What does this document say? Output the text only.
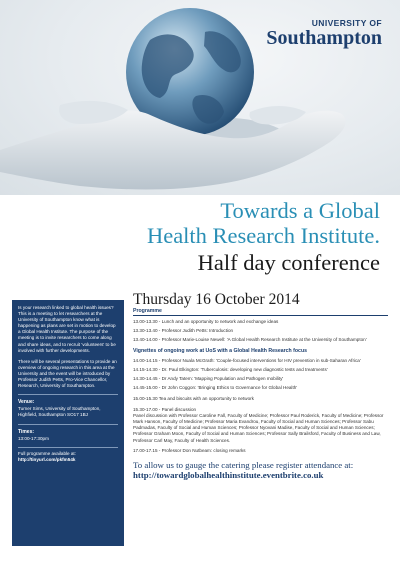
UNIVERSITY OF
Southampton
Towards a Global
Health Research Institute.
Half day conference

Is your research linked to global health issues? This is a meeting to let researchers at the University of Southampton know what is happening as plans are set in motion to develop a Global Health Institute. The purpose of the meeting is to invite researchers to come along and share ideas, and to recruit 'volunteers' to be involved with further developments.

There will be several presentations to provide an overview of ongoing research in this area at the University and the event will be introduced by Professor Judith Petts, Pro-Vice Chancellor, Research, University of Southampton.

Venue:

Turner Sims, University of Southampton, Highfield, Southampton SO17 1BJ

Times:

13:00-17:30pm

Full programme available at:

http://tinyurl.com/pkfm54k

Thursday 16 October 2014
Programme
13.00-13.30 - Lunch and an opportunity to network and exchange ideas
13.30-13.40 - Professor Judith Petts: Introduction
13.40-14.00 - Professor Marie-Louise Newell: 'A Global Health Research Institute at the University of Southampton'
Vignettes of ongoing work at UoS with a Global Health Research focus
14.00-14.15 - Professor Nuala McGrath: 'Couple-focused interventions for HIV prevention in sub-Saharan Africa'
14.15-14.30 - Dr. Paul Elkington: 'Tuberculosis: developing new diagnostic tests and treatments'
14.30-14.45 - Dr Andy Tatem: 'Mapping Population and Pathogen mobility'
14.45-15.00 - Dr John Coggon: 'Bringing Ethics to Governance for Global Health'
15.00-15.30 Tea and biscuits with an opportunity to network
15.30-17.00 - Panel discussion
Panel discussion with Professor Caroline Fall, Faculty of Medicine; Professor Paul Roderick, Faculty of Medicine; Professor Mark Hanson, Faculty of Medicine; Professor Maria Evandrou, Faculty of Social and Human Sciences; Professor Sabu Padmadas, Faculty of Social and Human Sciences; Professor Nyovani Madise, Faculty of Social and Human Sciences; Professor Graham Moon, Faculty of Social and Human Sciences; Professor Sally Brailsford, Faculty of Business and Law, Professor Carl May, Faculty of Health Sciences.
17.00-17.15 - Professor Don Nutbeam: closing remarks
To allow us to gauge the catering please register attendance at:
http://towardglobalhealthinstitute.eventbrite.co.uk
